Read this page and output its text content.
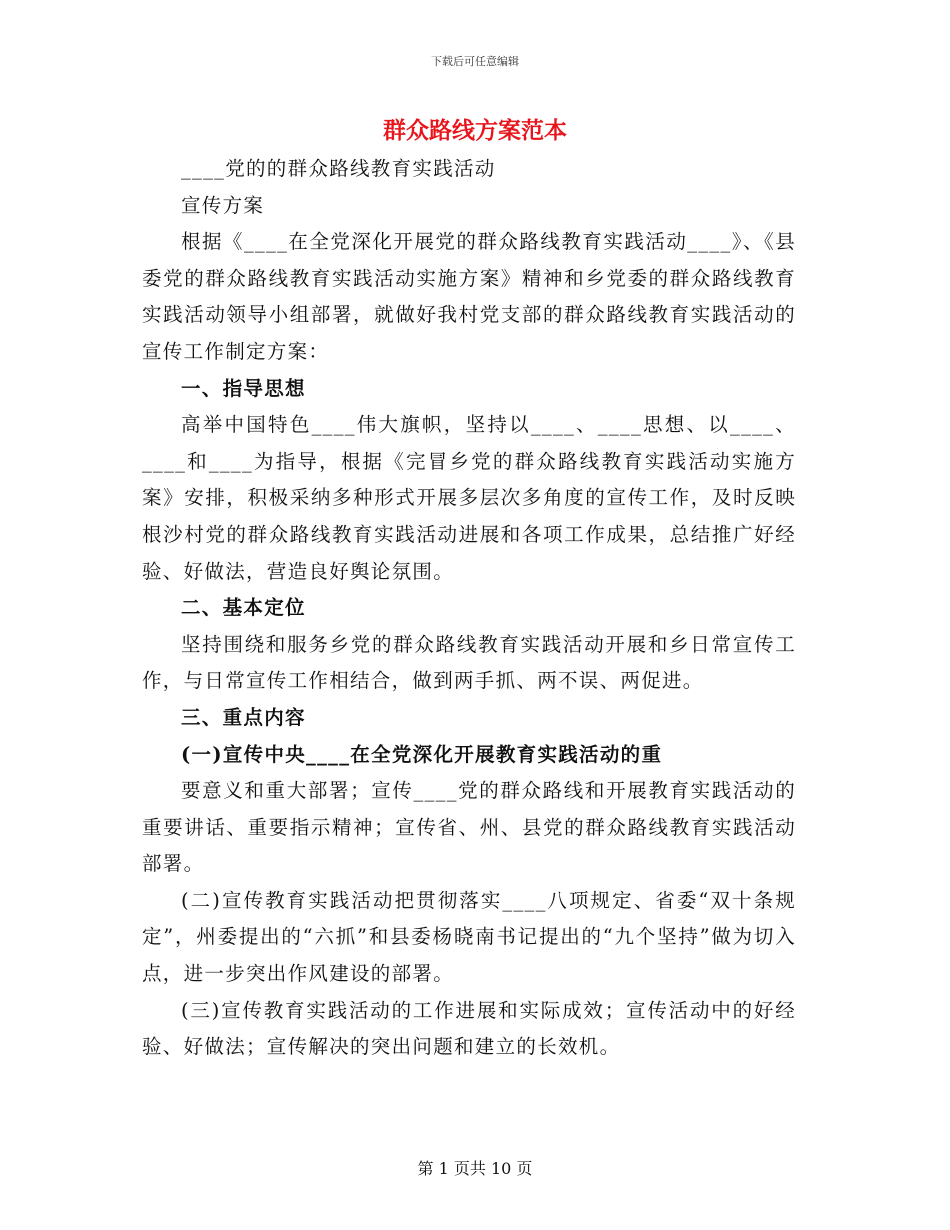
下载后可任意编辑
群众路线方案范本

____党的的群众路线教育实践活动

宣传方案

根据《____在全党深化开展党的群众路线教育实践活动____》、《县委党的群众路线教育实践活动实施方案》精神和乡党委的群众路线教育实践活动领导小组部署，就做好我村党支部的群众路线教育实践活动的宣传工作制定方案：

一、指导思想

高举中国特色____伟大旗帜，坚持以____、____思想、以____、____和____为指导，根据《完冒乡党的群众路线教育实践活动实施方案》安排，积极采纳多种形式开展多层次多角度的宣传工作，及时反映根沙村党的群众路线教育实践活动进展和各项工作成果，总结推广好经验、好做法，营造良好舆论氛围。

二、基本定位

坚持围绕和服务乡党的群众路线教育实践活动开展和乡日常宣传工作，与日常宣传工作相结合，做到两手抓、两不误、两促进。

三、重点内容

(一)宣传中央____在全党深化开展教育实践活动的重

要意义和重大部署；宣传____党的群众路线和开展教育实践活动的重要讲话、重要指示精神；宣传省、州、县党的群众路线教育实践活动部署。

(二)宣传教育实践活动把贯彻落实____八项规定、省委“双十条规定”，州委提出的“六抓”和县委杨晓南书记提出的“九个坚持”做为切入点，进一步突出作风建设的部署。

(三)宣传教育实践活动的工作进展和实际成效；宣传活动中的好经验、好做法；宣传解决的突出问题和建立的长效机。

第 1 页共 10 页
